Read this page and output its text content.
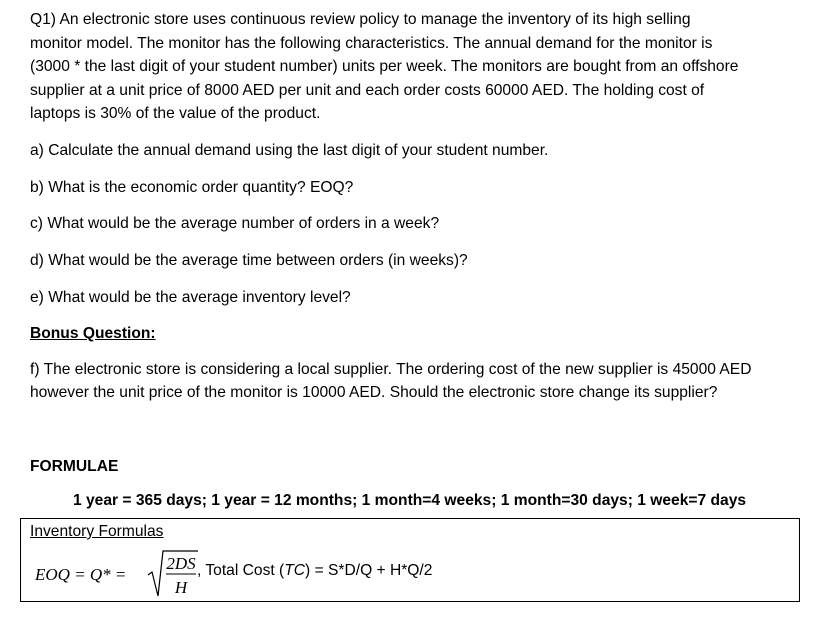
Q1) An electronic store uses continuous review policy to manage the inventory of its high selling
monitor model. The monitor has the following characteristics. The annual demand for the monitor is
(3000 * the last digit of your student number) units per week. The monitors are bought from an offshore
supplier at a unit price of 8000 AED per unit and each order costs 60000 AED. The holding cost of
laptops is 30% of the value of the product.
a) Calculate the annual demand using the last digit of your student number.
b) What is the economic order quantity? EOQ?
c) What would be the average number of orders in a week?
d) What would be the average time between orders (in weeks)?
e) What would be the average inventory level?
Bonus Question:
f) The electronic store is considering a local supplier. The ordering cost of the new supplier is 45000 AED
however the unit price of the monitor is 10000 AED. Should the electronic store change its supplier?
FORMULAE
1 year = 365 days; 1 year = 12 months; 1 month=4 weeks; 1 month=30 days; 1 week=7 days
Inventory Formulas
EOQ = Q* =
2DS
H
, Total Cost (TC) = S*D/Q + H*Q/2
